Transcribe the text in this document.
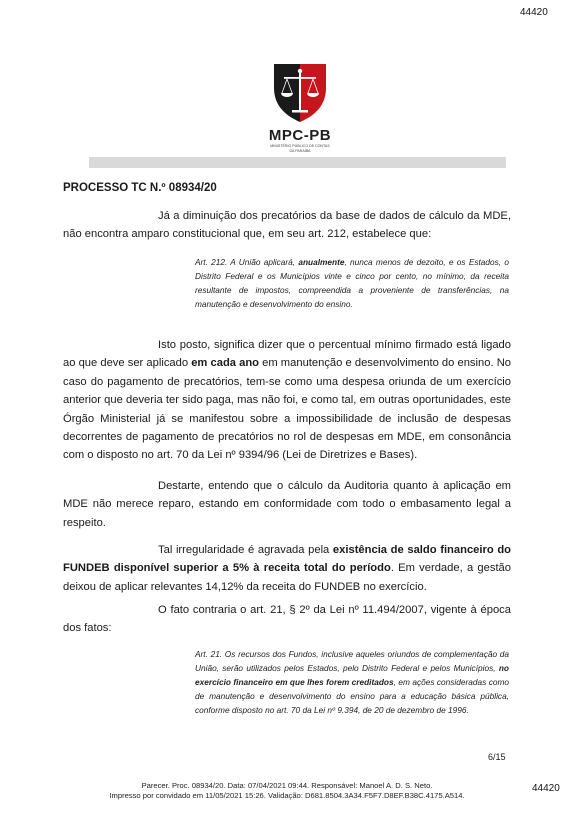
44420
MPC-PB
MINISTÉRIO PÚBLICO DE CONTAS
DA PARAÍBA
PROCESSO TC N.º 08934/20

Já a diminuição dos precatórios da base de dados de cálculo da MDE, não encontra amparo constitucional que, em seu art. 212, estabelece que:

Art. 212. A União aplicará, anualmente, nunca menos de dezoito, e os Estados, o Distrito Federal e os Municípios vinte e cinco por cento, no mínimo, da receita resultante de impostos, compreendida a proveniente de transferências, na manutenção e desenvolvimento do ensino.

Isto posto, significa dizer que o percentual mínimo firmado está ligado ao que deve ser aplicado em cada ano em manutenção e desenvolvimento do ensino. No caso do pagamento de precatórios, tem-se como uma despesa oriunda de um exercício anterior que deveria ter sido paga, mas não foi, e como tal, em outras oportunidades, este Órgão Ministerial já se manifestou sobre a impossibilidade de inclusão de despesas decorrentes de pagamento de precatórios no rol de despesas em MDE, em consonância com o disposto no art. 70 da Lei nº 9394/96 (Lei de Diretrizes e Bases).

Destarte, entendo que o cálculo da Auditoria quanto à aplicação em MDE não merece reparo, estando em conformidade com todo o embasamento legal a respeito.

Tal irregularidade é agravada pela existência de saldo financeiro do FUNDEB disponível superior a 5% à receita total do período. Em verdade, a gestão deixou de aplicar relevantes 14,12% da receita do FUNDEB no exercício.

O fato contraria o art. 21, § 2º da Lei nº 11.494/2007, vigente à época dos fatos:

Art. 21. Os recursos dos Fundos, inclusive aqueles oriundos de complementação da União, serão utilizados pelos Estados, pelo Distrito Federal e pelos Municípios, no exercício financeiro em que lhes forem creditados, em ações consideradas como de manutenção e desenvolvimento do ensino para a educação básica pública, conforme disposto no art. 70 da Lei nº 9.394, de 20 de dezembro de 1996.
6/15
44420
Parecer. Proc. 08934/20. Data: 07/04/2021 09:44. Responsável: Manoel A. D. S. Neto.
Impresso por convidado em 11/05/2021 15:26. Validação: D681.8504.3A34.F5F7.D8EF.B38C.4175.A514.
